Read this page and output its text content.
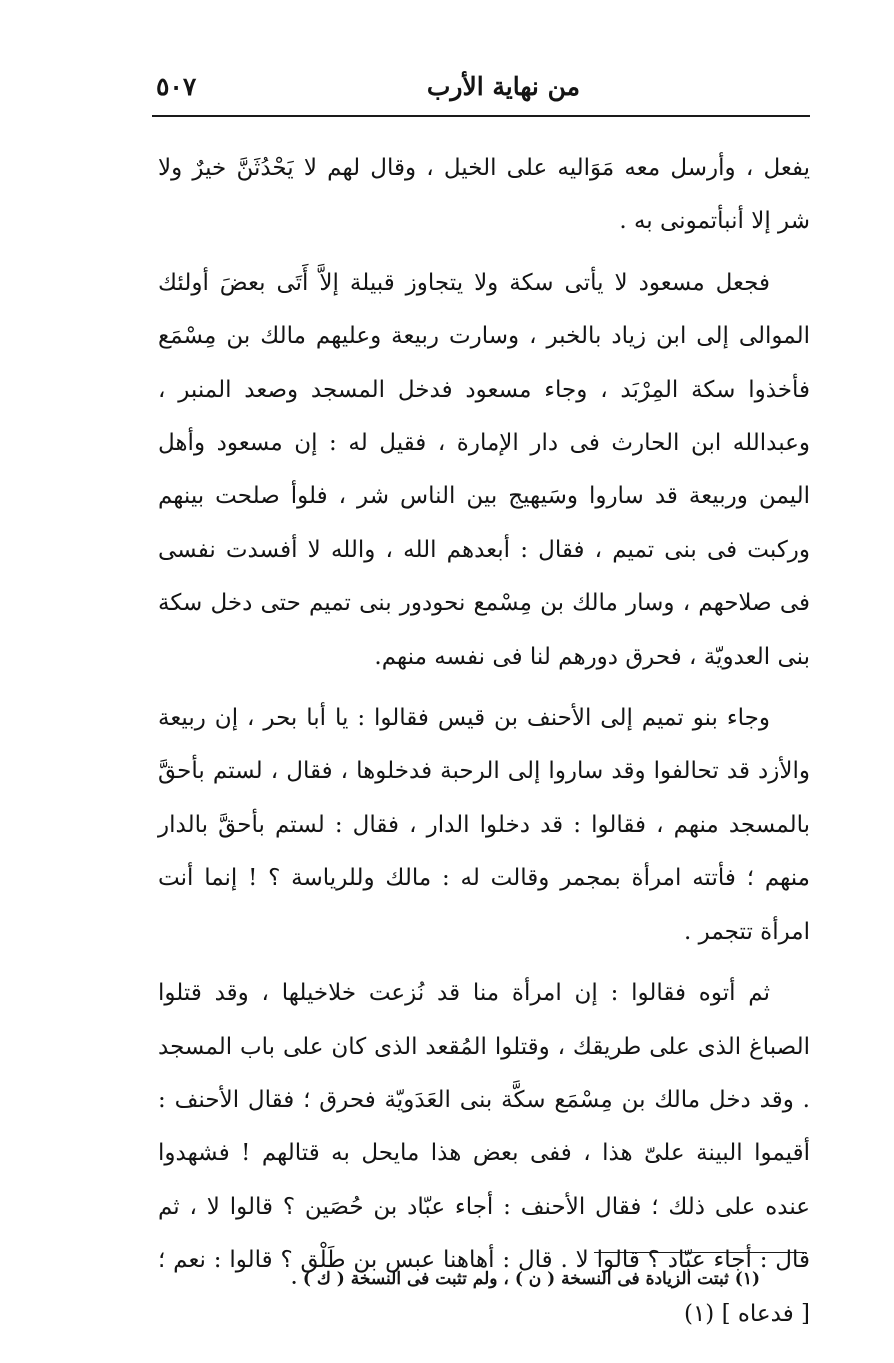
من نهاية الأرب
٥٠٧

يفعل ، وأرسل معه مَوَاليه على الخيل ، وقال لهم لا يَحْدُثَنَّ خيرٌ ولا شر إلا أنبأتمونى به .

فجعل مسعود لا يأتى سكة ولا يتجاوز قبيلة إلاَّ أَتَى بعضَ أولئك الموالى إلى ابن زياد بالخبر ، وسارت ربيعة وعليهم مالك بن مِسْمَع فأخذوا سكة المِرْبَد ، وجاء مسعود فدخل المسجد وصعد المنبر ، وعبدالله ابن الحارث فى دار الإمارة ، فقيل له : إن مسعود وأهل اليمن وربيعة قد ساروا وسَيهيج بين الناس شر ، فلوأ صلحت بينهم وركبت فى بنى تميم ، فقال : أبعدهم الله ، والله لا أفسدت نفسى فى صلاحهم ، وسار مالك بن مِسْمع نحودور بنى تميم حتى دخل سكة بنى العدويّة ، فحرق دورهم لنا فى نفسه منهم.

وجاء بنو تميم إلى الأحنف بن قيس فقالوا : يا أبا بحر ، إن ربيعة والأزد قد تحالفوا وقد ساروا إلى الرحبة فدخلوها ، فقال ، لستم بأحقَّ بالمسجد منهم ، فقالوا : قد دخلوا الدار ، فقال : لستم بأحقَّ بالدار منهم ؛ فأتته امرأة بمجمر وقالت له : مالك وللرياسة ؟ ! إنما أنت امرأة تتجمر .

ثم أتوه فقالوا : إن امرأة منا قد نُزعت خلاخيلها ، وقد قتلوا الصباغ الذى على طريقك ، وقتلوا المُقعد الذى كان على باب المسجد . وقد دخل مالك بن مِسْمَع سكَّة بنى العَدَويّة فحرق ؛ فقال الأحنف : أقيموا البينة علىّ هذا ، ففى بعض هذا مايحل به قتالهم ! فشهدوا عنده على ذلك ؛ فقال الأحنف : أجاء عبّاد بن حُصَين ؟ قالوا لا ، ثم قال : أجاء عبّاد ؟ قالوا لا . قال : أهاهنا عبس بن طَلْق ؟ قالوا : نعم ؛ [ فدعاه ] (١)

(١) ثبتت الزيادة فى النسخة ( ن ) ، ولم تثبت فى النسخة ( ك ) .
